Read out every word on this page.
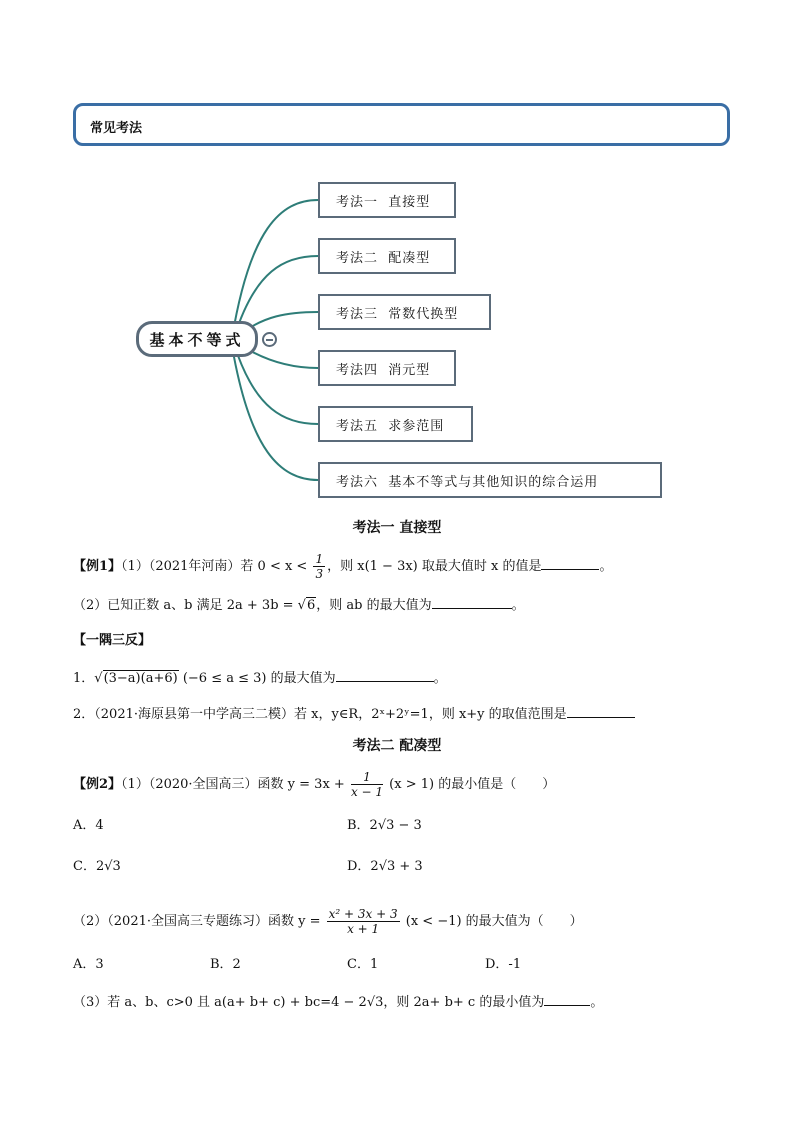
常见考法
基本不等式
考法一  直接型
考法二  配凑型
考法三  常数代换型
考法四  消元型
考法五  求参范围
考法六  基本不等式与其他知识的综合运用
考法一 直接型
【例1】（1）（2021年河南）若 $0 < x < \frac{1}{3}$ ，则 x(1 − 3x) 取最大值时 x 的值是	。
（2）已知正数 a、b 满足 2a + 3b = √6，则 ab 的最大值为	。
【一隅三反】
1．√(3−a)(a+6) (−6 ≤ a ≤ 3) 的最大值为	。
2．（2021·海原县第一中学高三二模）若 x，y∈R，2ˣ+2ʸ=1，则 x+y 的取值范围是
考法二 配凑型
【例2】（1）（2020·全国高三）函数 $y = 3x + \frac{1}{x - 1} (x > 1)$ 的最小值是（　　）
A．4	B．2√3 − 3
C．2√3	D．2√3 + 3
（2）（2021·全国高三专题练习）函数 $y = \frac{\text{x² + 3x + 3}}{x + 1} (x < -1)$ 的最大值为（　　）
A．3	B．2	C．1	D．-1
（3）若 a、b、c>0 且 a(a+ b+ c) + bc=4 − 2√3，则 2a+ b+ c 的最小值为	。
